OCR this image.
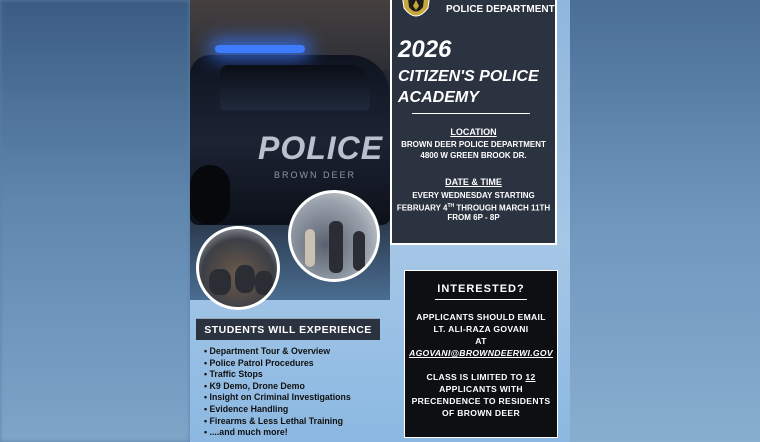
POLICE
BROWN DEER
POLICE DEPARTMENT
2026
CITIZEN'S POLICE
ACADEMY
LOCATION
BROWN DEER POLICE DEPARTMENT
4800 W GREEN BROOK DR.
DATE & TIME
EVERY WEDNESDAY STARTING
FEBRUARY 4TH THROUGH MARCH 11TH
FROM 6P - 8P
STUDENTS WILL EXPERIENCE
• Department Tour & Overview
• Police Patrol Procedures
• Traffic Stops
• K9 Demo, Drone Demo
• Insight on Criminal Investigations
• Evidence Handling
• Firearms & Less Lethal Training
• ....and much more!
INTERESTED?
APPLICANTS SHOULD EMAIL
LT. ALI-RAZA GOVANI
AT
AGOVANI@BROWNDEERWI.GOV
CLASS IS LIMITED TO 12
APPLICANTS WITH
PRECENDENCE TO RESIDENTS
OF BROWN DEER
